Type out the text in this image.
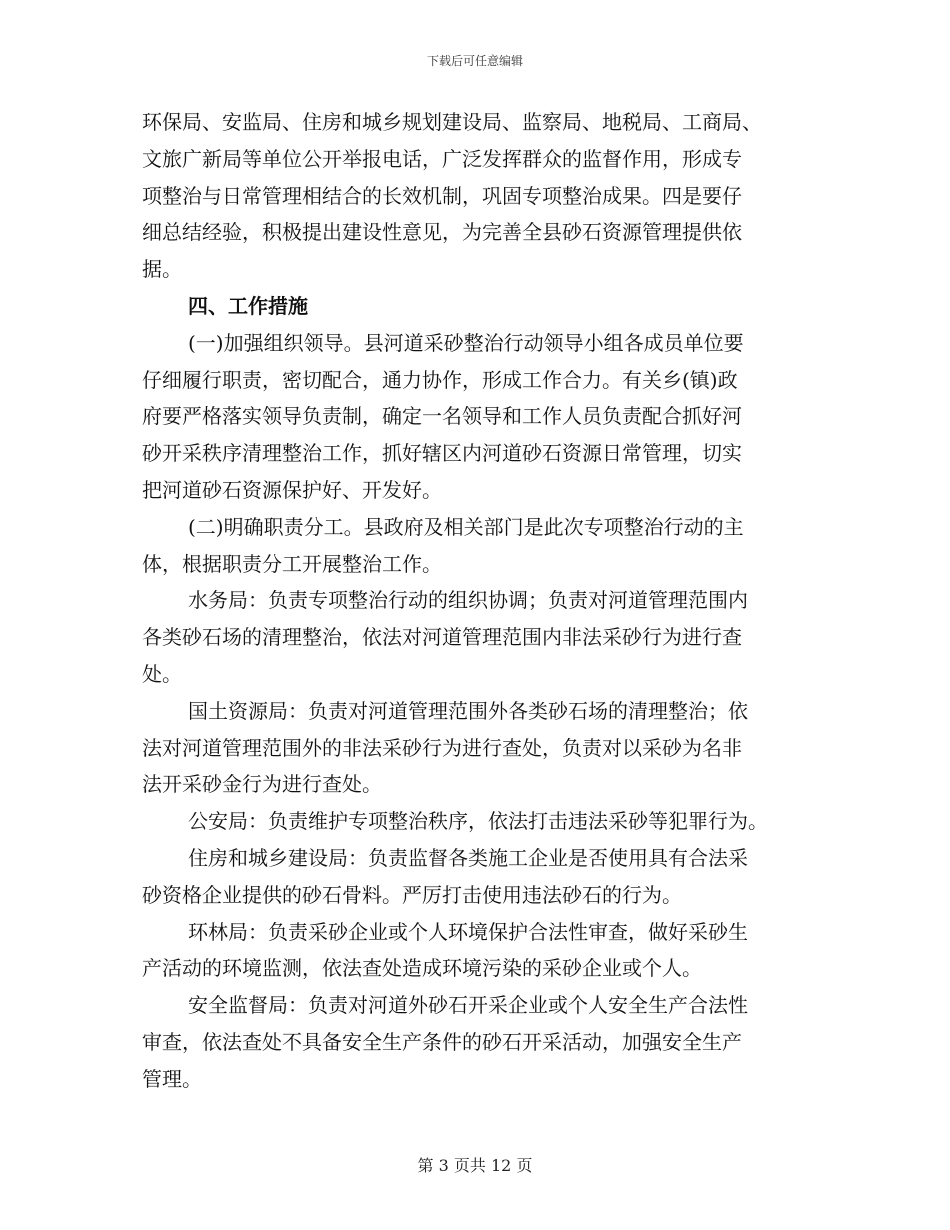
下载后可任意编辑
环保局、安监局、住房和城乡规划建设局、监察局、地税局、工商局、
文旅广新局等单位公开举报电话，广泛发挥群众的监督作用，形成专
项整治与日常管理相结合的长效机制，巩固专项整治成果。四是要仔
细总结经验，积极提出建设性意见，为完善全县砂石资源管理提供依
据。
四、工作措施
(一)加强组织领导。县河道采砂整治行动领导小组各成员单位要
仔细履行职责，密切配合，通力协作，形成工作合力。有关乡(镇)政
府要严格落实领导负责制，确定一名领导和工作人员负责配合抓好河
砂开采秩序清理整治工作，抓好辖区内河道砂石资源日常管理，切实
把河道砂石资源保护好、开发好。
(二)明确职责分工。县政府及相关部门是此次专项整治行动的主
体，根据职责分工开展整治工作。
水务局：负责专项整治行动的组织协调；负责对河道管理范围内
各类砂石场的清理整治，依法对河道管理范围内非法采砂行为进行查
处。
国土资源局：负责对河道管理范围外各类砂石场的清理整治；依
法对河道管理范围外的非法采砂行为进行查处，负责对以采砂为名非
法开采砂金行为进行查处。
公安局：负责维护专项整治秩序，依法打击违法采砂等犯罪行为。
住房和城乡建设局：负责监督各类施工企业是否使用具有合法采
砂资格企业提供的砂石骨料。严厉打击使用违法砂石的行为。
环林局：负责采砂企业或个人环境保护合法性审查，做好采砂生
产活动的环境监测，依法查处造成环境污染的采砂企业或个人。
安全监督局：负责对河道外砂石开采企业或个人安全生产合法性
审查，依法查处不具备安全生产条件的砂石开采活动，加强安全生产
管理。
第 3 页共 12 页
